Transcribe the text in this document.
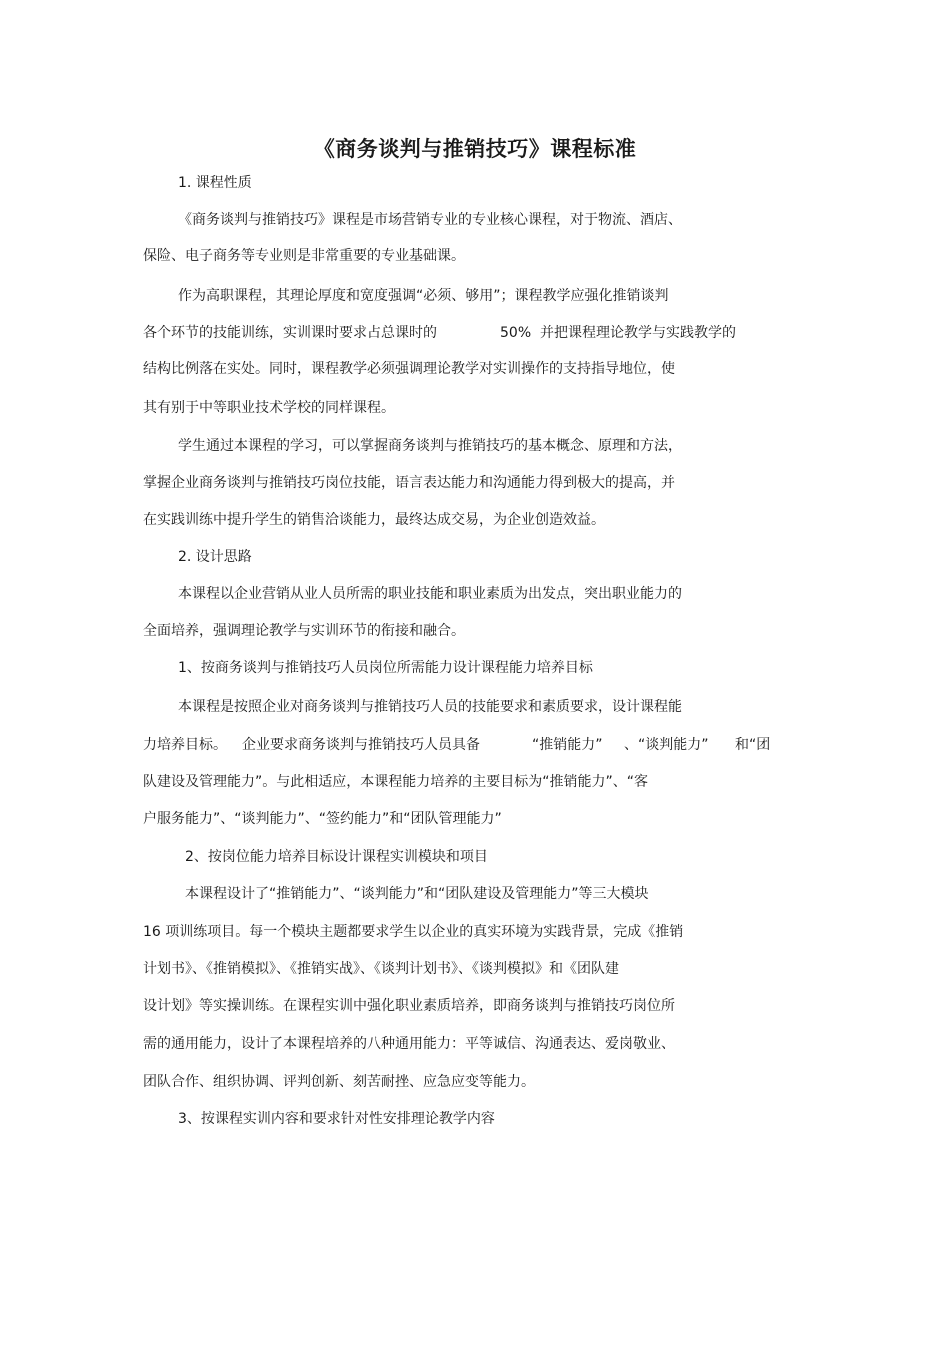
《商务谈判与推销技巧》课程标准
1. 课程性质
《商务谈判与推销技巧》课程是市场营销专业的专业核心课程，对于物流、酒店、
保险、电子商务等专业则是非常重要的专业基础课。
作为高职课程，其理论厚度和宽度强调“必须、够用”；课程教学应强化推销谈判
各个环节的技能训练，实训课时要求占总课时的	50% 并把课程理论教学与实践教学的
结构比例落在实处。同时，课程教学必须强调理论教学对实训操作的支持指导地位，使
其有别于中等职业技术学校的同样课程。
学生通过本课程的学习，可以掌握商务谈判与推销技巧的基本概念、原理和方法，
掌握企业商务谈判与推销技巧岗位技能，语言表达能力和沟通能力得到极大的提高，并
在实践训练中提升学生的销售洽谈能力，最终达成交易，为企业创造效益。
2. 设计思路
本课程以企业营销从业人员所需的职业技能和职业素质为出发点，突出职业能力的
全面培养，强调理论教学与实训环节的衔接和融合。
1、按商务谈判与推销技巧人员岗位所需能力设计课程能力培养目标
本课程是按照企业对商务谈判与推销技巧人员的技能要求和素质要求，设计课程能
力培养目标。 企业要求商务谈判与推销技巧人员具备	“推销能力” 、“谈判能力” 和“团
队建设及管理能力”。与此相适应，本课程能力培养的主要目标为“推销能力”、“客
户服务能力”、“谈判能力”、“签约能力”和“团队管理能力”
2、按岗位能力培养目标设计课程实训模块和项目
本课程设计了“推销能力”、“谈判能力”和“团队建设及管理能力”等三大模块
16 项训练项目。每一个模块主题都要求学生以企业的真实环境为实践背景，完成《推销
计划书》、《推销模拟》、《推销实战》、《谈判计划书》、《谈判模拟》和《团队建
设计划》等实操训练。在课程实训中强化职业素质培养，即商务谈判与推销技巧岗位所
需的通用能力，设计了本课程培养的八种通用能力：平等诚信、沟通表达、爱岗敬业、
团队合作、组织协调、评判创新、刻苦耐挫、应急应变等能力。
3、按课程实训内容和要求针对性安排理论教学内容
